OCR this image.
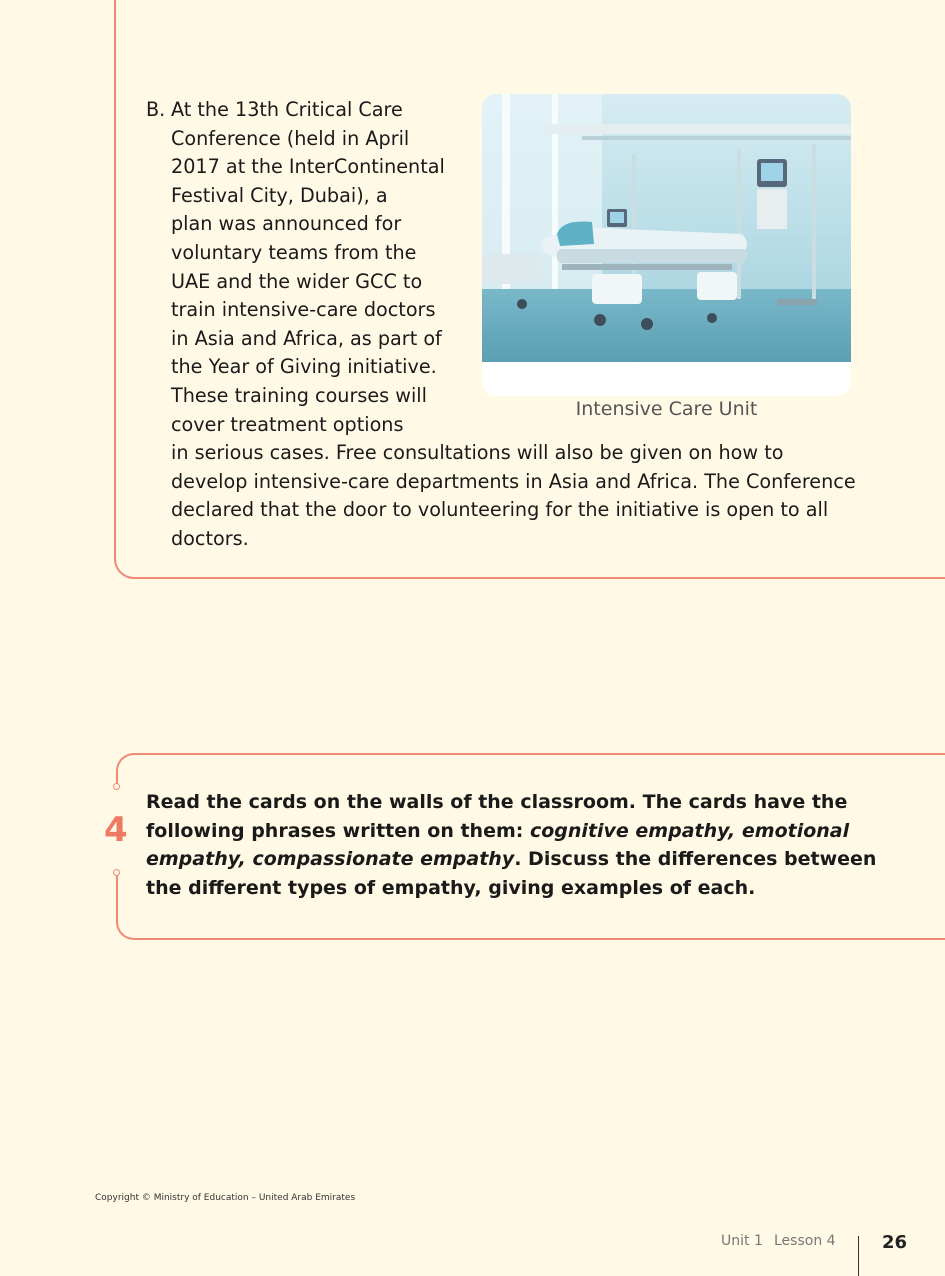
B. At the 13th Critical Care
Conference (held in April
2017 at the InterContinental
Festival City, Dubai), a
plan was announced for
voluntary teams from the
UAE and the wider GCC to
train intensive-care doctors
in Asia and Africa, as part of
the Year of Giving initiative.
These training courses will
cover treatment options
in serious cases. Free consultations will also be given on how to
develop intensive-care departments in Asia and Africa. The Conference
declared that the door to volunteering for the initiative is open to all
doctors.
Intensive Care Unit
4
Read the cards on the walls of the classroom. The cards have the
following phrases written on them: cognitive empathy, emotional
empathy, compassionate empathy. Discuss the differences between
the different types of empathy, giving examples of each.
Copyright © Ministry of Education – United Arab Emirates
Unit 1 Lesson 4	26
